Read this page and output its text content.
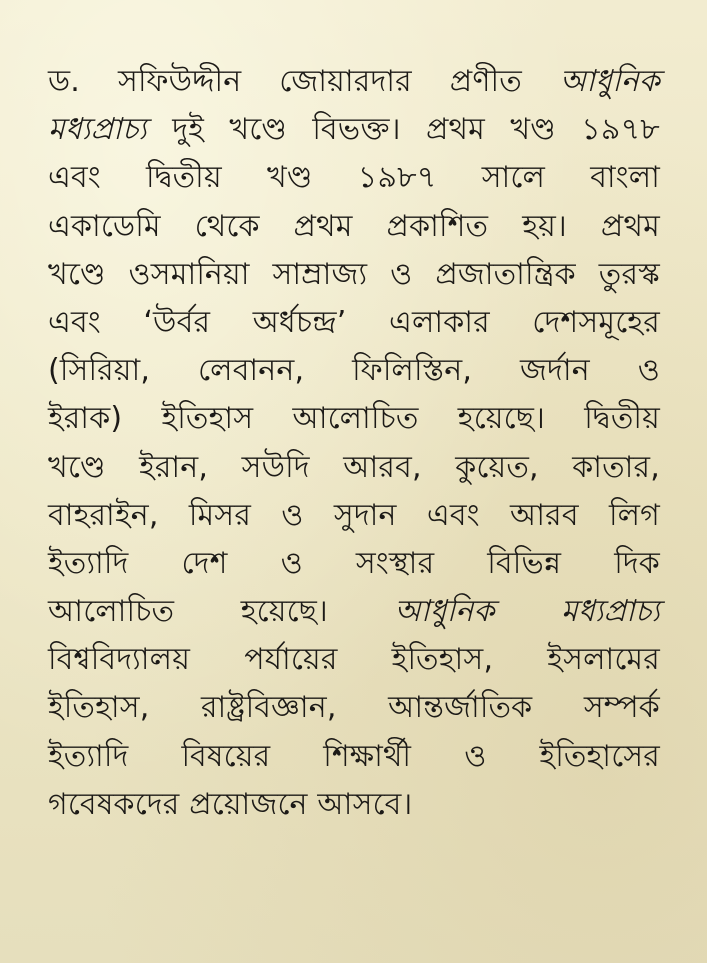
ড. সফিউদ্দীন জোয়ারদার প্রণীত আধুনিক
মধ্যপ্রাচ্য দুই খণ্ডে বিভক্ত। প্রথম খণ্ড ১৯৭৮
এবং দ্বিতীয় খণ্ড ১৯৮৭ সালে বাংলা
একাডেমি থেকে প্রথম প্রকাশিত হয়। প্রথম
খণ্ডে ওসমানিয়া সাম্রাজ্য ও প্রজাতান্ত্রিক তুরস্ক
এবং ‘উর্বর অর্ধচন্দ্র’ এলাকার দেশসমূহের
(সিরিয়া, লেবানন, ফিলিস্তিন, জর্দান ও
ইরাক) ইতিহাস আলোচিত হয়েছে। দ্বিতীয়
খণ্ডে ইরান, সউদি আরব, কুয়েত, কাতার,
বাহরাইন, মিসর ও সুদান এবং আরব লিগ
ইত্যাদি দেশ ও সংস্থার বিভিন্ন দিক
আলোচিত হয়েছে। আধুনিক মধ্যপ্রাচ্য
বিশ্ববিদ্যালয় পর্যায়ের ইতিহাস, ইসলামের
ইতিহাস, রাষ্ট্রবিজ্ঞান, আন্তর্জাতিক সম্পর্ক
ইত্যাদি বিষয়ের শিক্ষার্থী ও ইতিহাসের
গবেষকদের প্রয়োজনে আসবে।
